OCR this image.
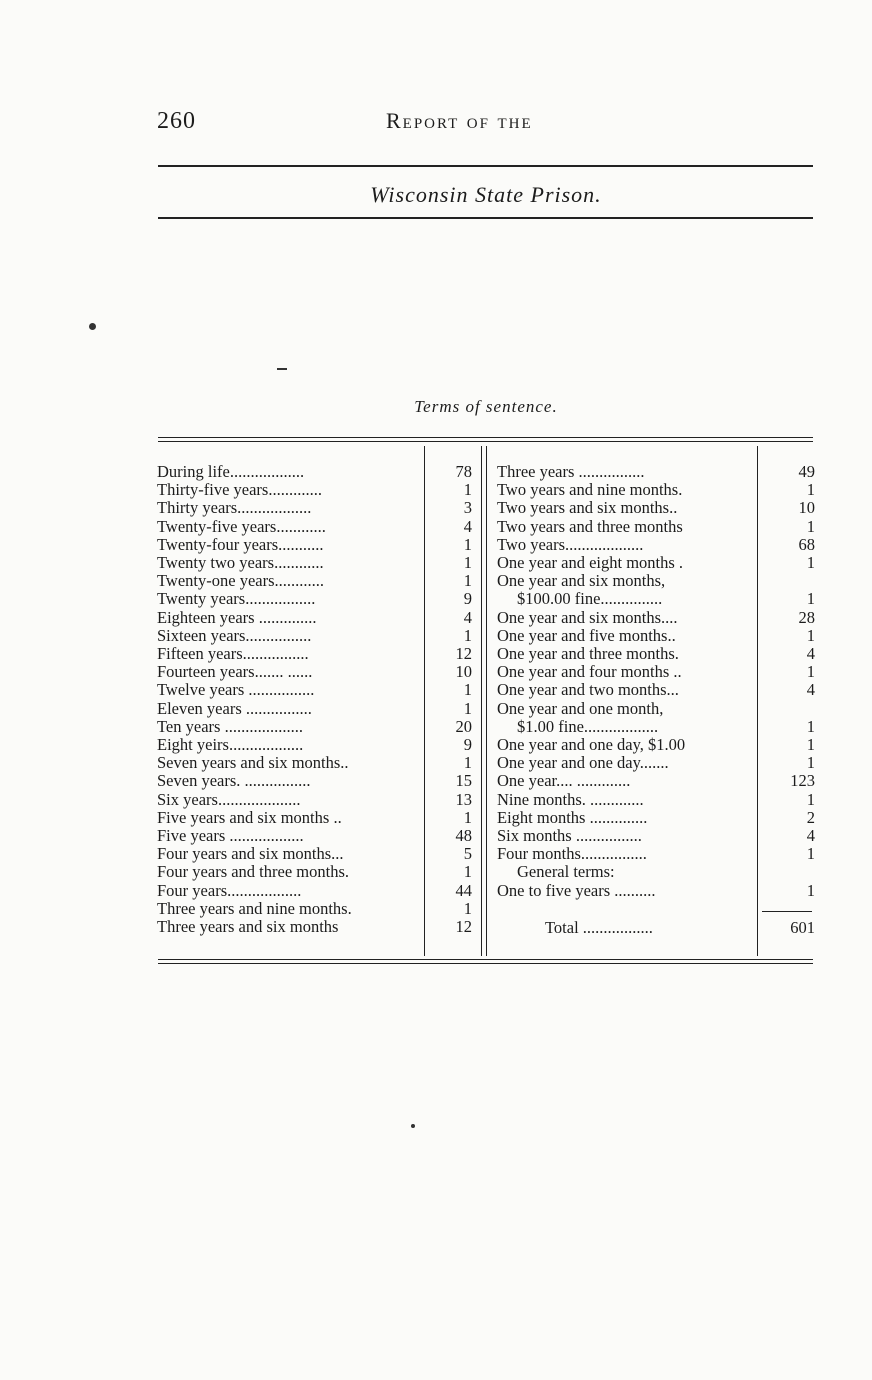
260	Report of the
Wisconsin State Prison.
Terms of sentence.
During life..................	78
Thirty-five years.............	1
Thirty years..................	3
Twenty-five years............	4
Twenty-four years...........	1
Twenty two years............	1
Twenty-one years............	1
Twenty years.................	9
Eighteen years ..............	4
Sixteen years................	1
Fifteen years................	12
Fourteen years....... ......	10
Twelve years ................	1
Eleven years ................	1
Ten years ...................	20
Eight yeirs..................	9
Seven years and six months..	1
Seven years. ................	15
Six years....................	13
Five years and six months ..	1
Five years ..................	48
Four years and six months...	5
Four years and three months.	1
Four years..................	44
Three years and nine months.	1
Three years and six months	12
Three years ................	49
Two years and nine months.	1
Two years and six months..	10
Two years and three months	1
Two years...................	68
One year and eight months .	1
One year and six months,
$100.00 fine...............	1
One year and six months....	28
One year and five months..	1
One year and three months.	4
One year and four months ..	1
One year and two months...	4
One year and one month,
$1.00 fine..................	1
One year and one day, $1.00	1
One year and one day.......	1
One year.... .............	123
Nine months. .............	1
Eight months ..............	2
Six months ................	4
Four months................	1
General terms:
One to five years ..........	1
Total .................	601
